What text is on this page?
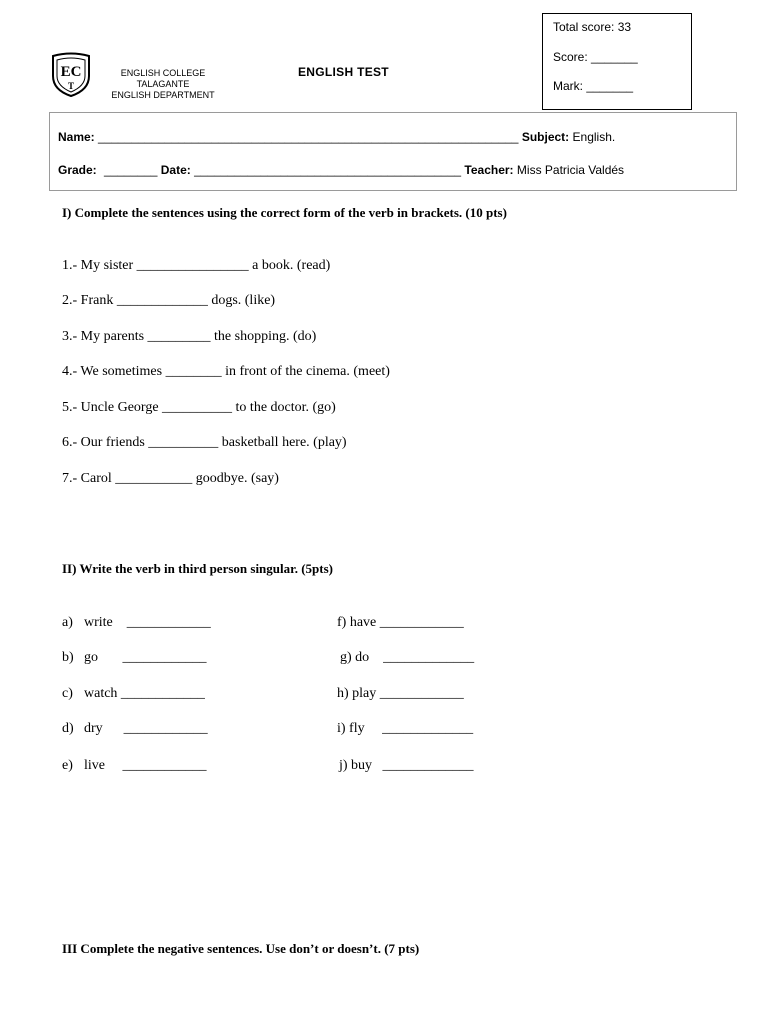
EC
T
ENGLISH COLLEGE
TALAGANTE
ENGLISH DEPARTMENT
ENGLISH TEST
Total score: 33
Score: _______
Mark: _______
Name: _______________________________________________________________ Subject: English.
Grade: ________ Date: ________________________________________ Teacher: Miss Patricia Valdés
I) Complete the sentences using the correct form of the verb in brackets. (10 pts)
1.- My sister ________________ a book. (read)
2.- Frank _____________ dogs. (like)
3.- My parents _________ the shopping. (do)
4.- We sometimes ________ in front of the cinema. (meet)
5.- Uncle George __________ to the doctor. (go)
6.- Our friends __________ basketball here. (play)
7.- Carol ___________ goodbye. (say)
II) Write the verb in third person singular. (5pts)
a) write    ____________
b) go       ____________
c) watch ____________
d) dry      ____________
e) live     ____________
f) have ____________
g) do    _____________
h) play ____________
i) fly     _____________
j) buy   _____________
III Complete the negative sentences. Use don’t or doesn’t. (7 pts)
